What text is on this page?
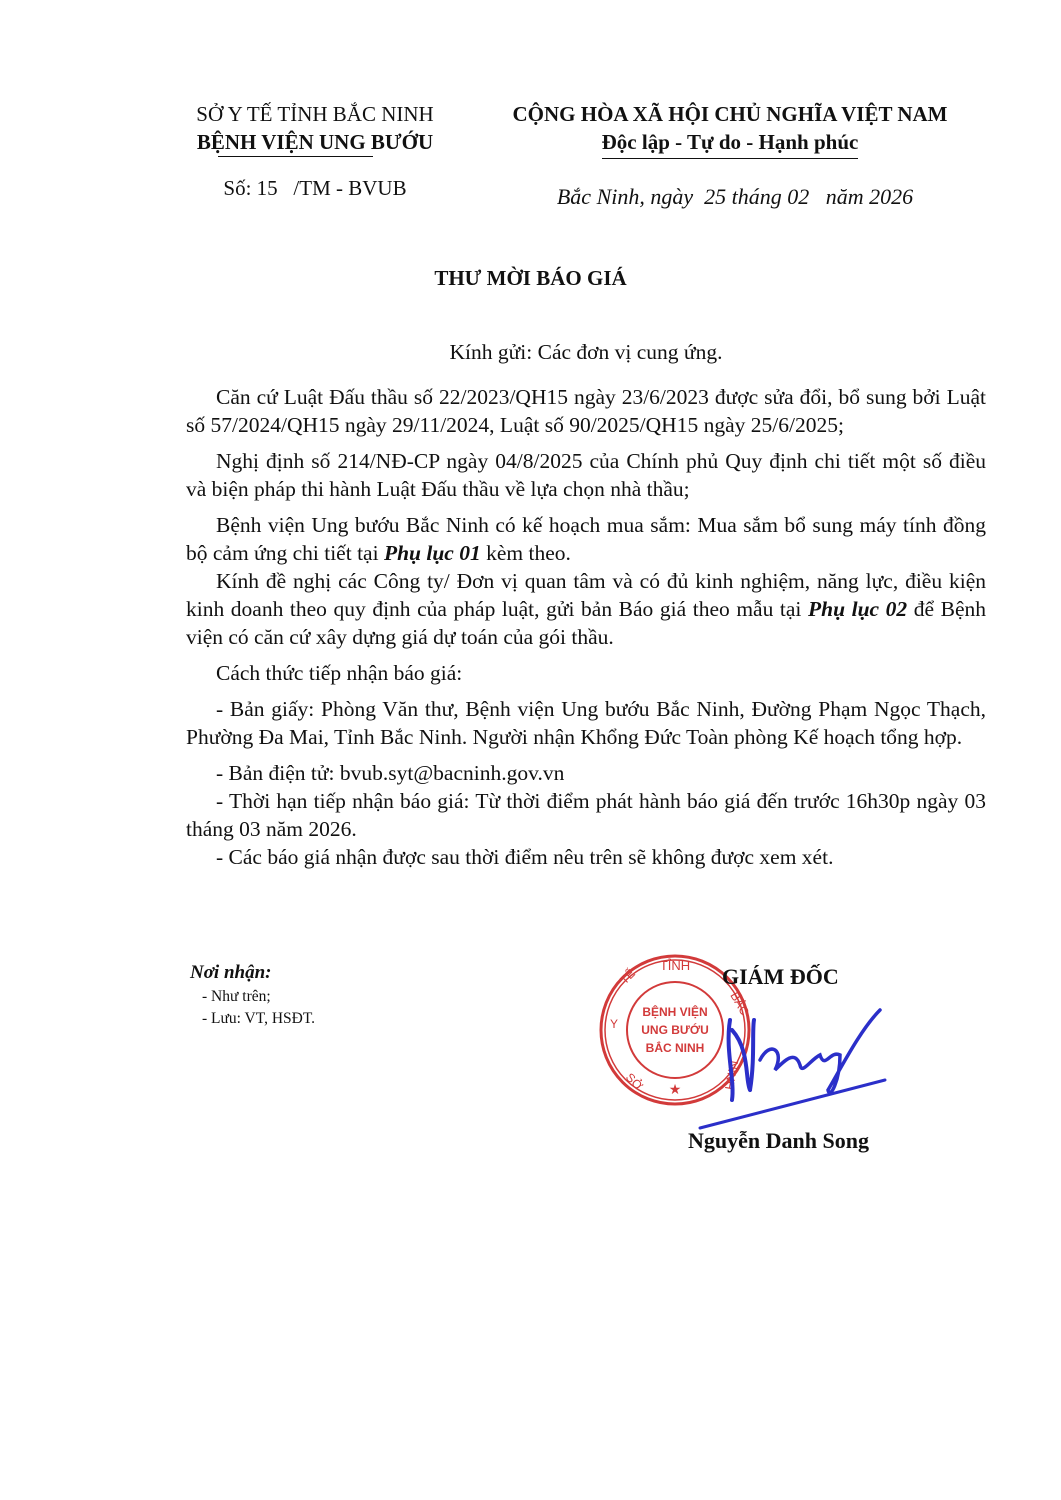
SỞ Y TẾ TỈNH BẮC NINH
BỆNH VIỆN UNG BƯỚU
Số: 15   /TM - BVUB
CỘNG HÒA XÃ HỘI CHỦ NGHĨA VIỆT NAM
Độc lập - Tự do - Hạnh phúc
Bắc Ninh, ngày  25 tháng 02   năm 2026
THƯ MỜI BÁO GIÁ
Kính gửi: Các đơn vị cung ứng.

Căn cứ Luật Đấu thầu số 22/2023/QH15 ngày 23/6/2023 được sửa đổi, bổ sung bởi Luật số 57/2024/QH15 ngày 29/11/2024, Luật số 90/2025/QH15 ngày 25/6/2025;

Nghị định số 214/NĐ-CP ngày 04/8/2025 của Chính phủ Quy định chi tiết một số điều và biện pháp thi hành Luật Đấu thầu về lựa chọn nhà thầu;

Bệnh viện Ung bướu Bắc Ninh có kế hoạch mua sắm: Mua sắm bổ sung máy tính đồng bộ cảm ứng chi tiết tại Phụ lục 01 kèm theo.

Kính đề nghị các Công ty/ Đơn vị quan tâm và có đủ kinh nghiệm, năng lực, điều kiện kinh doanh theo quy định của pháp luật, gửi bản Báo giá theo mẫu tại Phụ lục 02 để Bệnh viện có căn cứ xây dựng giá dự toán của gói thầu.

Cách thức tiếp nhận báo giá:

- Bản giấy: Phòng Văn thư, Bệnh viện Ung bướu Bắc Ninh, Đường Phạm Ngọc Thạch, Phường Đa Mai, Tỉnh Bắc Ninh. Người nhận Khổng Đức Toàn phòng Kế hoạch tổng hợp.

- Bản điện tử: bvub.syt@bacninh.gov.vn

- Thời hạn tiếp nhận báo giá: Từ thời điểm phát hành báo giá đến trước 16h30p ngày 03 tháng 03 năm 2026.

- Các báo giá nhận được sau thời điểm nêu trên sẽ không được xem xét.

Nơi nhận:
- Như trên;
- Lưu: VT, HSĐT.
TỈNH
TẾ
Y
SỞ
BẮC
NINH
BỆNH VIỆN
UNG BƯỚU
BẮC NINH
★
GIÁM ĐỐC
Nguyễn Danh Song
